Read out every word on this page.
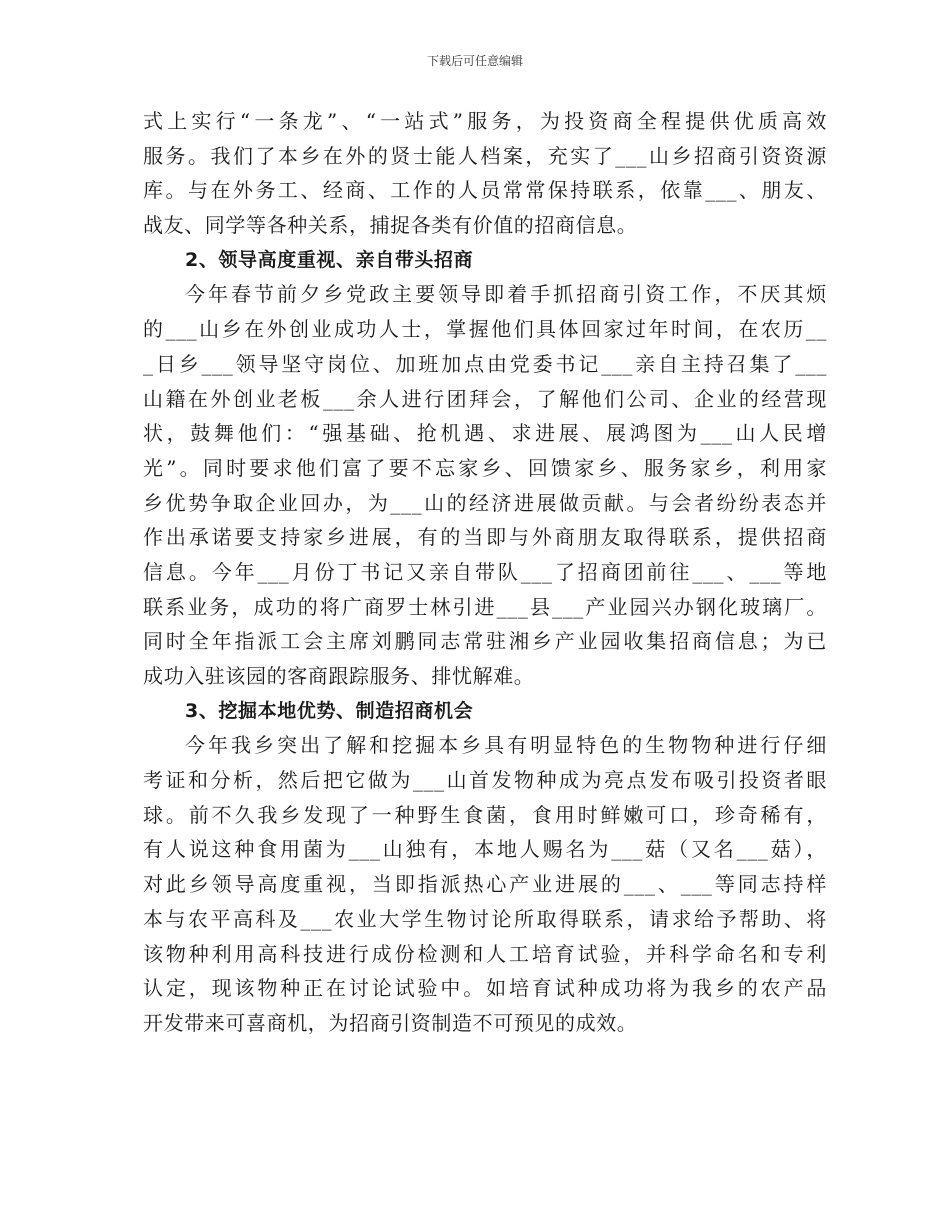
下载后可任意编辑
式上实行“一条龙”、“一站式”服务，为投资商全程提供优质高效
服务。我们了本乡在外的贤士能人档案，充实了___山乡招商引资资源
库。与在外务工、经商、工作的人员常常保持联系，依靠___、朋友、
战友、同学等各种关系，捕捉各类有价值的招商信息。
2、领导高度重视、亲自带头招商
今年春节前夕乡党政主要领导即着手抓招商引资工作，不厌其烦
的___山乡在外创业成功人士，掌握他们具体回家过年时间，在农历__
_日乡___领导坚守岗位、加班加点由党委书记___亲自主持召集了___
山籍在外创业老板___余人进行团拜会，了解他们公司、企业的经营现
状，鼓舞他们：“强基础、抢机遇、求进展、展鸿图为___山人民增
光”。同时要求他们富了要不忘家乡、回馈家乡、服务家乡，利用家
乡优势争取企业回办，为___山的经济进展做贡献。与会者纷纷表态并
作出承诺要支持家乡进展，有的当即与外商朋友取得联系，提供招商
信息。今年___月份丁书记又亲自带队___了招商团前往___、___等地
联系业务，成功的将广商罗士林引进___县___产业园兴办钢化玻璃厂。
同时全年指派工会主席刘鹏同志常驻湘乡产业园收集招商信息；为已
成功入驻该园的客商跟踪服务、排忧解难。
3、挖掘本地优势、制造招商机会
今年我乡突出了解和挖掘本乡具有明显特色的生物物种进行仔细
考证和分析，然后把它做为___山首发物种成为亮点发布吸引投资者眼
球。前不久我乡发现了一种野生食菌，食用时鲜嫩可口，珍奇稀有，
有人说这种食用菌为___山独有，本地人赐名为___菇（又名___菇），
对此乡领导高度重视，当即指派热心产业进展的___、___等同志持样
本与农平高科及___农业大学生物讨论所取得联系，请求给予帮助、将
该物种利用高科技进行成份检测和人工培育试验，并科学命名和专利
认定，现该物种正在讨论试验中。如培育试种成功将为我乡的农产品
开发带来可喜商机，为招商引资制造不可预见的成效。
